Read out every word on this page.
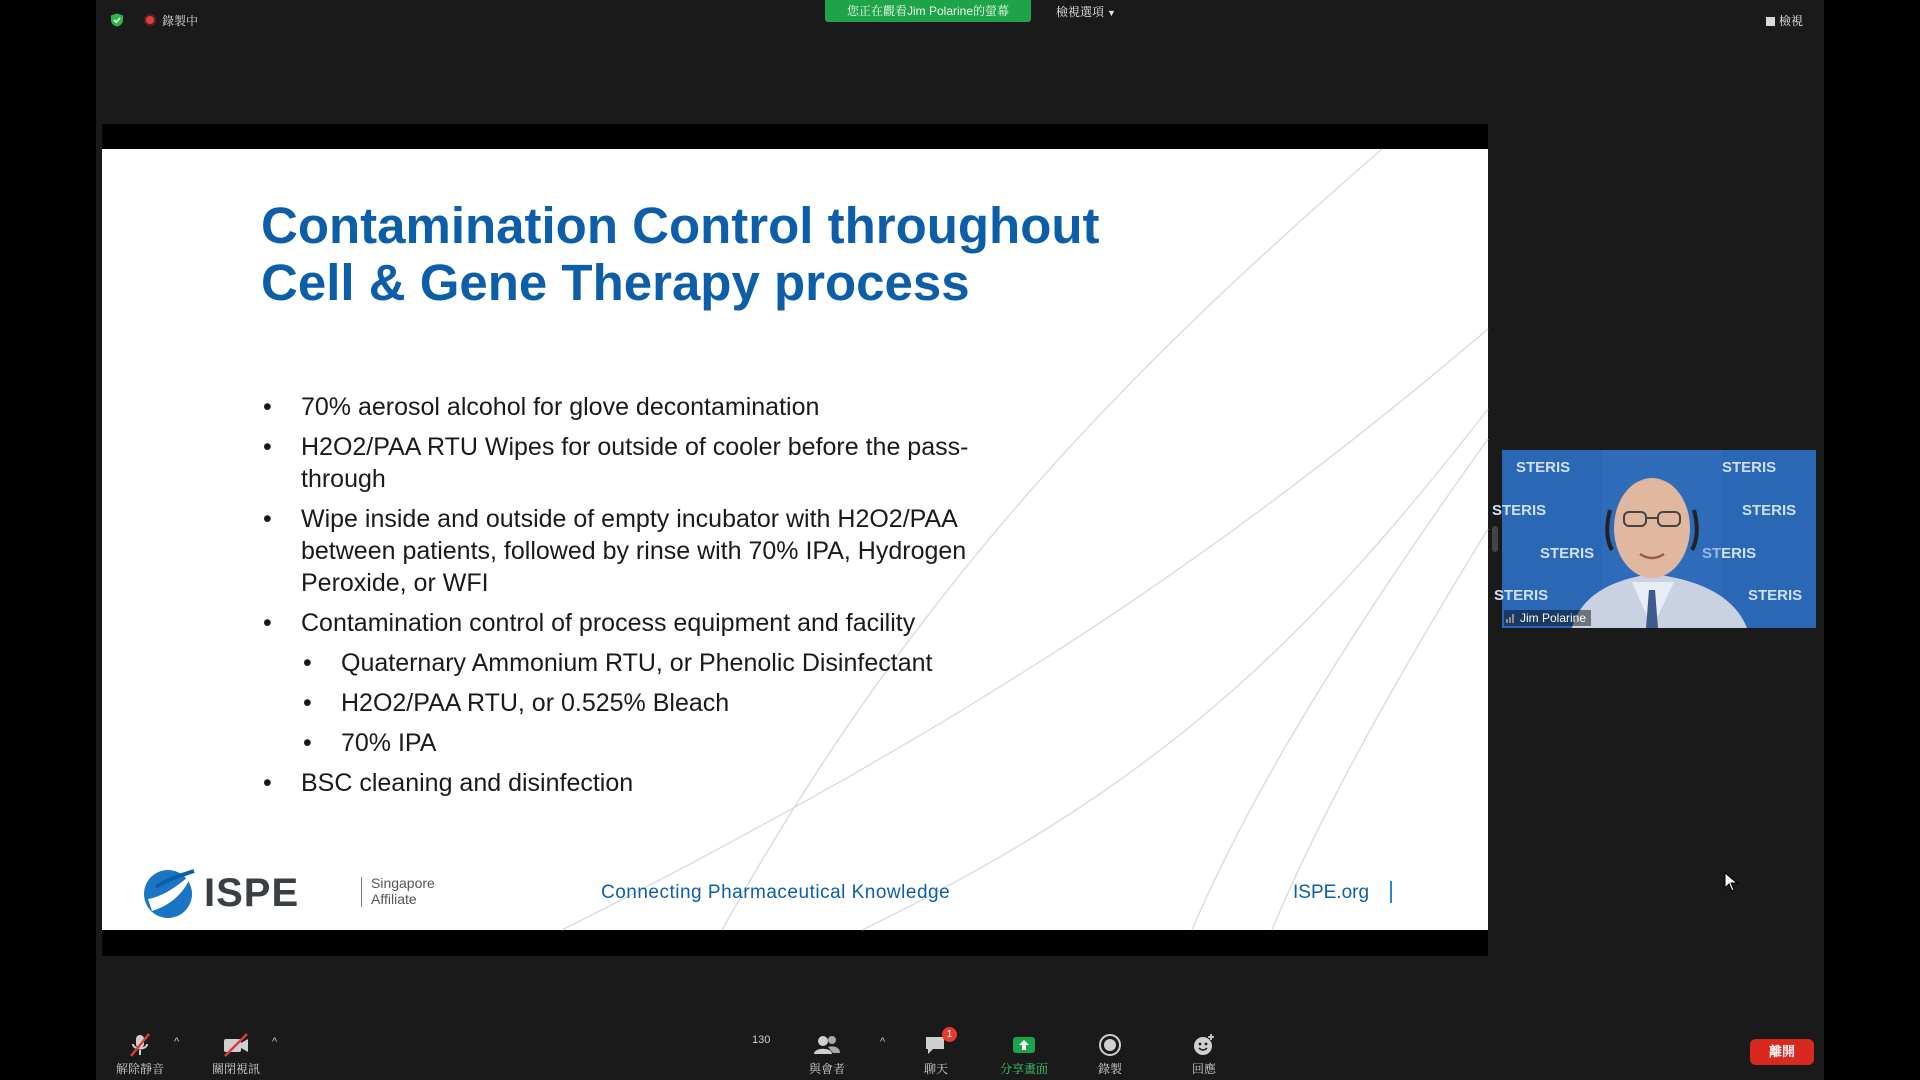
錄製中
您正在觀看Jim Polarine的螢幕	檢視選項 ▼
檢視
Contamination Control throughout
Cell & Gene Therapy process
• 70% aerosol alcohol for glove decontamination
• H2O2/PAA RTU Wipes for outside of cooler before the pass-through
• Wipe inside and outside of empty incubator with H2O2/PAA between patients, followed by rinse with 70% IPA, Hydrogen Peroxide, or WFI
• Contamination control of process equipment and facility
• Quaternary Ammonium RTU, or Phenolic Disinfectant
• H2O2/PAA RTU, or 0.525% Bleach
• 70% IPA
• BSC cleaning and disinfection
ISPE	Singapore
Affiliate	Connecting Pharmaceutical Knowledge	ISPE.org
STERIS	STERIS
STERIS	STERIS
STERIS	STERIS
STERIS	STERIS
Jim Polarine
解除靜音
^
關閉視訊
^
與會者
130	^
聊天
1
分享畫面	錄製	回應
離開
